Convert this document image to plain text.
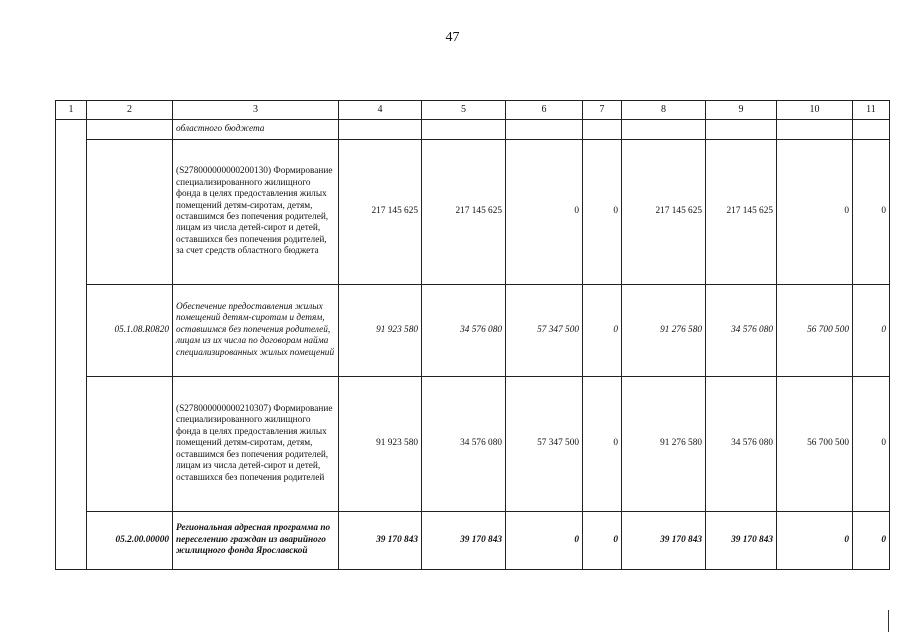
47
1	2	3	4	5	6	7	8	9	10	11
		областного бюджета								
		(S278000000000200130) Формирование специализированного жилищного фонда в целях предоставления жилых помещений детям-сиротам, детям, оставшимся без попечения родителей, лицам из числа детей-сирот и детей, оставшихся без попечения родителей, за счет средств областного бюджета	217 145 625	217 145 625	0	0	217 145 625	217 145 625	0	0
	05.1.08.R0820	Обеспечение предоставления жилых помещений детям-сиротам и детям, оставшимся без попечения родителей, лицам из их числа по договорам найма специализированных жилых помещений	91 923 580	34 576 080	57 347 500	0	91 276 580	34 576 080	56 700 500	0
		(S278000000000210307) Формирование специализированного жилищного фонда в целях предоставления жилых помещений детям-сиротам, детям, оставшимся без попечения родителей, лицам из числа детей-сирот и детей, оставшихся без попечения родителей	91 923 580	34 576 080	57 347 500	0	91 276 580	34 576 080	56 700 500	0
	05.2.00.00000	Региональная адресная программа по переселению граждан из аварийного жилищного фонда Ярославской	39 170 843	39 170 843	0	0	39 170 843	39 170 843	0	0
